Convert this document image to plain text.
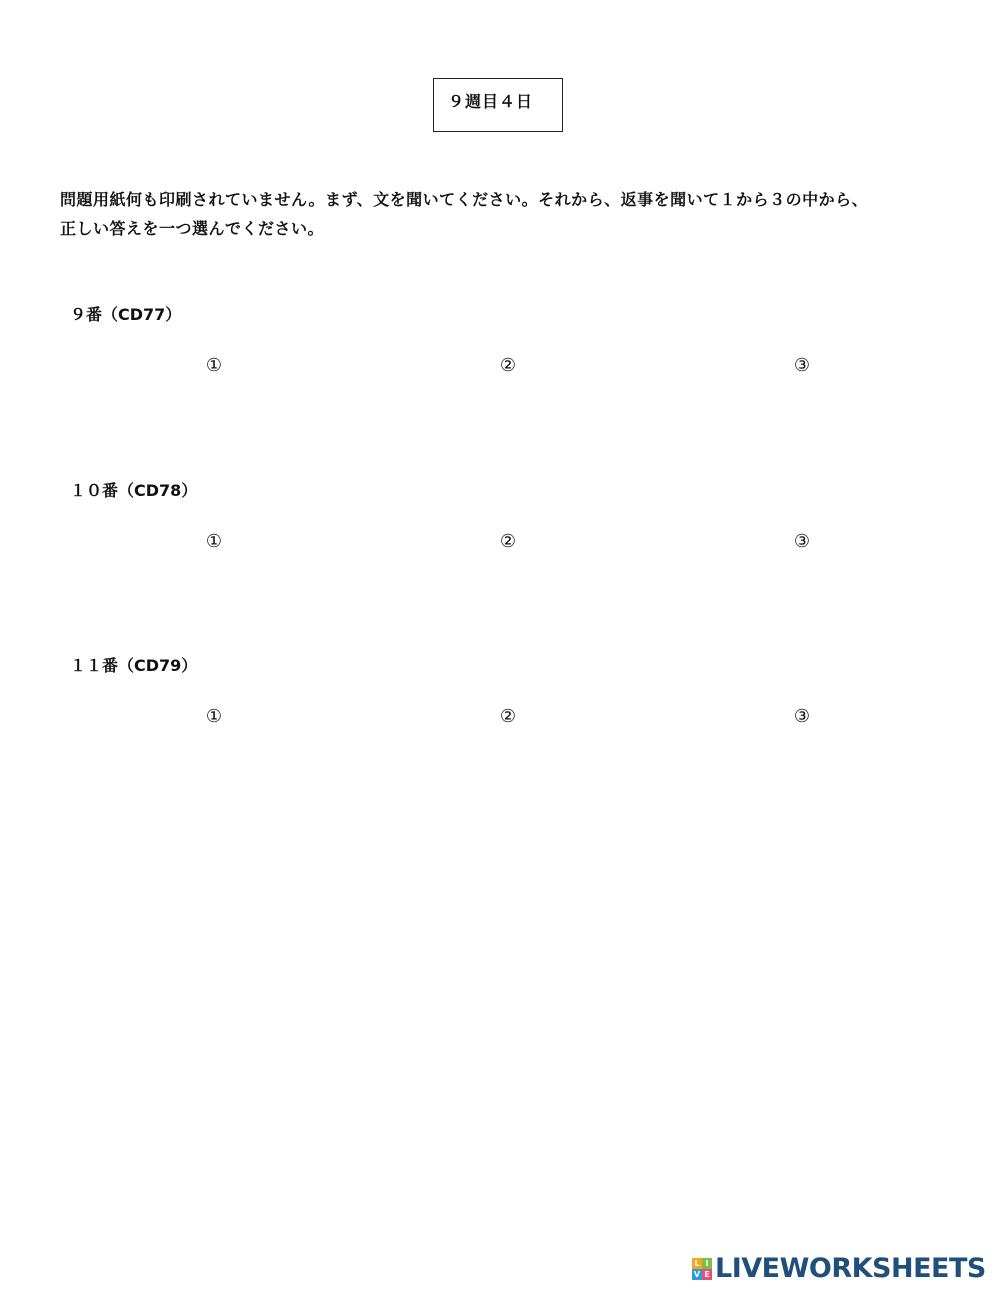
９週目４日
問題用紙何も印刷されていません。まず、文を聞いてください。それから、返事を聞いて１から３の中から、
正しい答えを一つ選んでください。
９番（CD77）
①	②	③
１０番（CD78）
①	②	③
１１番（CD79）
①	②	③
L I
V E LIVEWORKSHEETS
